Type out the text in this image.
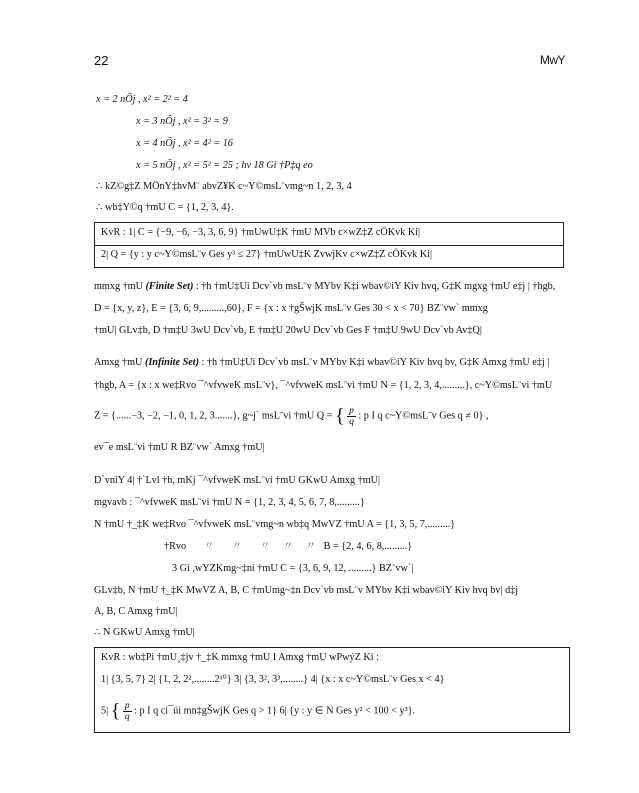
22	MwY
x = 2 nÕj , x² = 2² = 4
x = 3 nÕj , x² = 3² = 9
x = 4 nÕj , x² = 4² = 16
x = 5 nÕj , x² = 5² = 25 ; hv 18 Gi †P‡q eo
∴ kZ©g‡Z MÖnY‡hvM¨ abvZ¥K c~Y©msL¨vmg~n 1, 2, 3, 4
∴ wb‡Y©q †mU C = {1, 2, 3, 4}.
KvR : 1| C = {−9, −6, −3, 3, 6, 9} †mUwU‡K †mU MVb c×wZ‡Z cÖKvk Ki|
2| Q = {y : y c~Y©msL¨v Ges y³ ≤ 27} †mUwU‡K ZvwjKv c×wZ‡Z cÖKvk Ki|
mmxg †mU (Finite Set) : †h †mU‡Ui Dcv`vb msL¨v MYbv K‡i wbav©iY Kiv hvq, G‡K mgxg †mU e‡j | †hgb,
D = {x, y, z}, E = {3, 6, 9,.........,60}, F = {x : x †gŠwjK msL¨v Ges 30 < x < 70} BZ¨vw` mmxg
†mU| GLv‡b, D †m‡U 3wU Dcv`vb, E †m‡U 20wU Dcv`vb Ges F †m‡U 9wU Dcv`vb Av‡Q|
Amxg †mU (Infinite Set) : †h †mU‡Ui Dcv`vb msL¨v MYbv K‡i wbav©iY Kiv hvq bv, G‡K Amxg †mU e‡j |
†hgb, A = {x : x we‡Rvo ¯^vfvweK msL¨v}, ¯^vfvweK msL¨vi †mU N = {1, 2, 3, 4,.........}, c~Y©msL¨vi †mU
Z = {......−3, −2, −1, 0, 1, 2, 3.......}, g~j` msL¨vi †mU Q = { $\frac{p}{q}$ : p I q c~Y©msL¨v Ges q ≠ 0} ,
ev¯e msL¨vi †mU R BZ¨vw` Amxg †mU|
D`vniY 4| †`Lvl †h, mKj ¯^vfvweK msL¨vi †mU GKwU Amxg †mU|
mgvavb : ¯^vfvweK msL¨vi †mU N = {1, 2, 3, 4, 5, 6, 7, 8,.........}
N †mU †_‡K we‡Rvo ¯^vfvweK msL¨vmg~n wb‡q MwVZ †mU A = {1, 3, 5, 7,.........}
†Rvo       〃       〃       〃     〃     〃   B = {2, 4, 6, 8,.........}
3 Gi ,wYZKmg~‡ni †mU C = {3, 6, 9, 12, .........} BZ¨vw`|
GLv‡b, N †mU †_‡K MwVZ A, B, C †mUmg~‡n Dcv`vb msL¨v MYbv K‡i wbav©iY Kiv hvq bv| d‡j
A, B, C Amxg †mU|
∴ N GKwU Amxg †mU|
KvR : wb‡Pi †mU¸‡jv †_‡K mmxg †mU I Amxg †mU wPwýZ Ki :
1| {3, 5, 7} 2| {1, 2, 2²,........2¹⁰} 3| {3, 3², 3³,........} 4| {x : x c~Y©msL¨v Ges x < 4}
5| { $\frac{p}{q}$ : p I q ci¯úi mn‡gŠwjK Ges q > 1} 6| {y : y ∈ N Ges y² < 100 < y³}.
